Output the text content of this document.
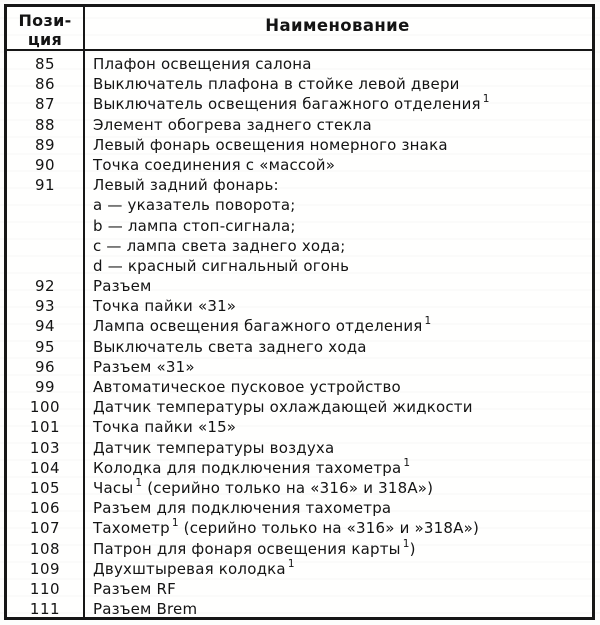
Пози-
ция
Наименование
85	Плафон освещения салона
86	Выключатель плафона в стойке левой двери
87	Выключатель освещения багажного отделения $^1$
88	Элемент обогрева заднего стекла
89	Левый фонарь освещения номерного знака
90	Точка соединения с «массой»
91	Левый задний фонарь:
a — указатель поворота;
b — лампа стоп-сигнала;
c — лампа света заднего хода;
d — красный сигнальный огонь
92	Разъем
93	Точка пайки «31»
94	Лампа освещения багажного отделения $^1$
95	Выключатель света заднего хода
96	Разъем «31»
99	Автоматическое пусковое устройство
100	Датчик температуры охлаждающей жидкости
101	Точка пайки «15»
103	Датчик температуры воздуха
104	Колодка для подключения тахометра $^1$
105	Часы $^1$ (серийно только на «316» и 318А»)
106	Разъем для подключения тахометра
107	Тахометр $^1$ (серийно только на «316» и »318А»)
108	Патрон для фонаря освещения карты $^1$)
109	Двухштыревая колодка $^1$
110	Разъем RF
111	Разъем Brem
